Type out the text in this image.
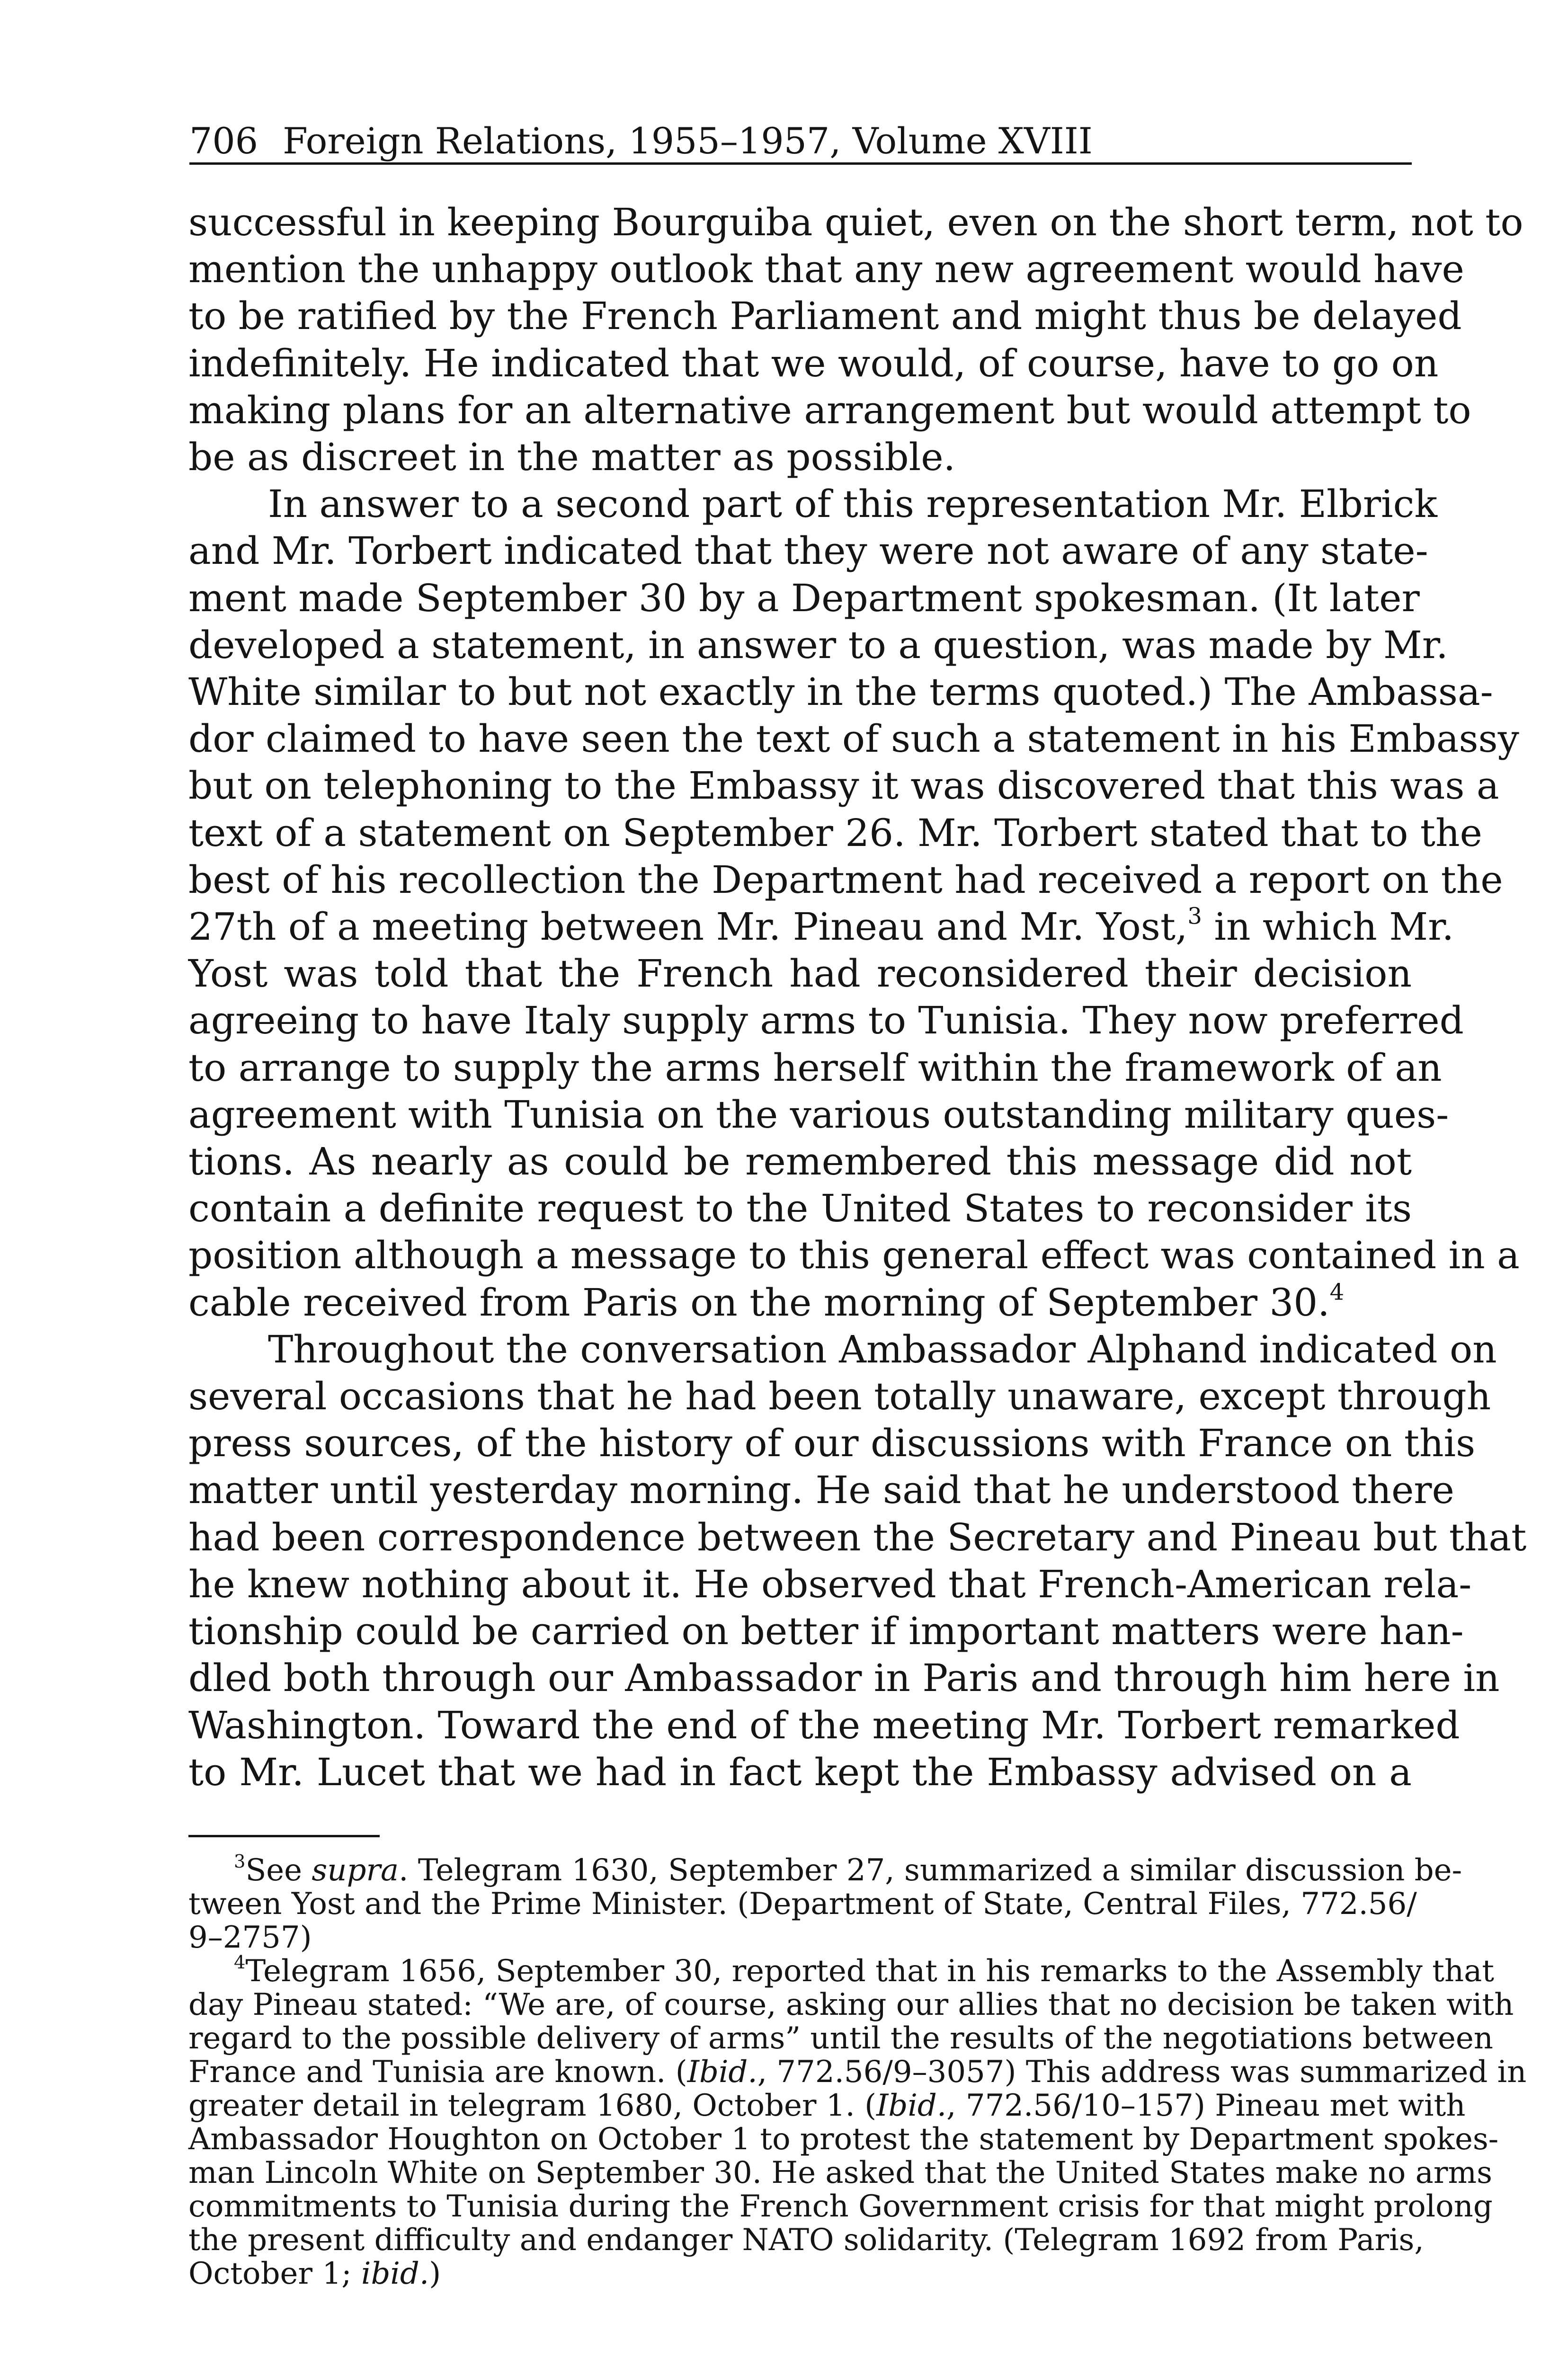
706 Foreign Relations, 1955–1957, Volume XVIII

successful in keeping Bourguiba quiet, even on the short term, not to

mention the unhappy outlook that any new agreement would have

to be ratified by the French Parliament and might thus be delayed

indefinitely. He indicated that we would, of course, have to go on

making plans for an alternative arrangement but would attempt to

be as discreet in the matter as possible.

In answer to a second part of this representation Mr. Elbrick

and Mr. Torbert indicated that they were not aware of any state-

ment made September 30 by a Department spokesman. (It later

developed a statement, in answer to a question, was made by Mr.

White similar to but not exactly in the terms quoted.) The Ambassa-

dor claimed to have seen the text of such a statement in his Embassy

but on telephoning to the Embassy it was discovered that this was a

text of a statement on September 26. Mr. Torbert stated that to the

best of his recollection the Department had received a report on the

27th of a meeting between Mr. Pineau and Mr. Yost,$^3$ in which Mr.

Yost was told that the French had reconsidered their decision

agreeing to have Italy supply arms to Tunisia. They now preferred

to arrange to supply the arms herself within the framework of an

agreement with Tunisia on the various outstanding military ques-

tions. As nearly as could be remembered this message did not

contain a definite request to the United States to reconsider its

position although a message to this general effect was contained in a

cable received from Paris on the morning of September 30.$^4$

Throughout the conversation Ambassador Alphand indicated on

several occasions that he had been totally unaware, except through

press sources, of the history of our discussions with France on this

matter until yesterday morning. He said that he understood there

had been correspondence between the Secretary and Pineau but that

he knew nothing about it. He observed that French-American rela-

tionship could be carried on better if important matters were han-

dled both through our Ambassador in Paris and through him here in

Washington. Toward the end of the meeting Mr. Torbert remarked

to Mr. Lucet that we had in fact kept the Embassy advised on a

$^3$See supra. Telegram 1630, September 27, summarized a similar discussion be-

tween Yost and the Prime Minister. (Department of State, Central Files, 772.56/

9–2757)

$^4$Telegram 1656, September 30, reported that in his remarks to the Assembly that

day Pineau stated: “We are, of course, asking our allies that no decision be taken with

regard to the possible delivery of arms” until the results of the negotiations between

France and Tunisia are known. (Ibid., 772.56/9–3057) This address was summarized in

greater detail in telegram 1680, October 1. (Ibid., 772.56/10–157) Pineau met with

Ambassador Houghton on October 1 to protest the statement by Department spokes-

man Lincoln White on September 30. He asked that the United States make no arms

commitments to Tunisia during the French Government crisis for that might prolong

the present difficulty and endanger NATO solidarity. (Telegram 1692 from Paris,

October 1; ibid.)
